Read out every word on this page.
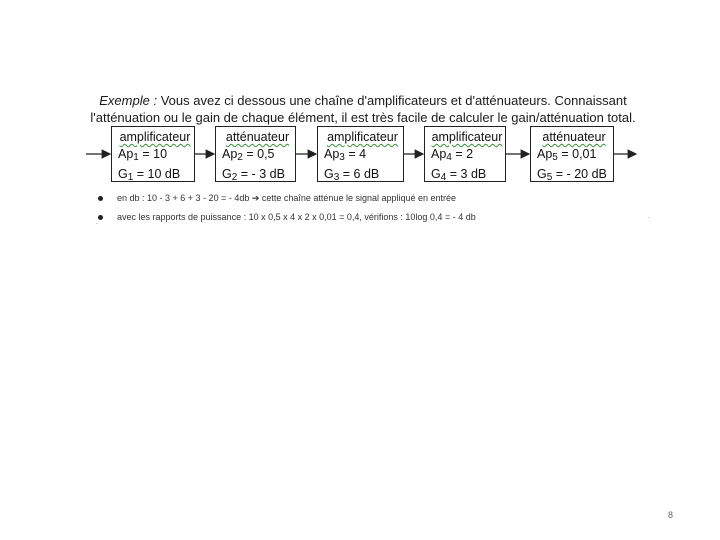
Exemple : Vous avez ci dessous une chaîne d'amplificateurs et d'atténuateurs. Connaissant
l'atténuation ou le gain de chaque élément, il est très facile de calculer le gain/atténuation total.
amplificateur
$Ap_1 = 10$
$G_1 = 10$ dB
atténuateur
$Ap_2 = 0,5$
$G_2$ = - 3 dB
amplificateur
$Ap_3 = 4$
$G_3 = 6$ dB
amplificateur
$Ap_4 = 2$
$G_4 = 3$ dB
atténuateur
$Ap_5 = 0,01$
$G_5$ = - 20 dB
en db : 10 - 3 + 6 + 3 - 20 = - 4db ➔ cette chaîne atténue le signal appliqué en entrée
avec les rapports de puissance : 10 x 0,5 x 4 x 2 x 0,01 = 0,4, vérifions : 10log 0,4 = - 4 db
.
.
8
